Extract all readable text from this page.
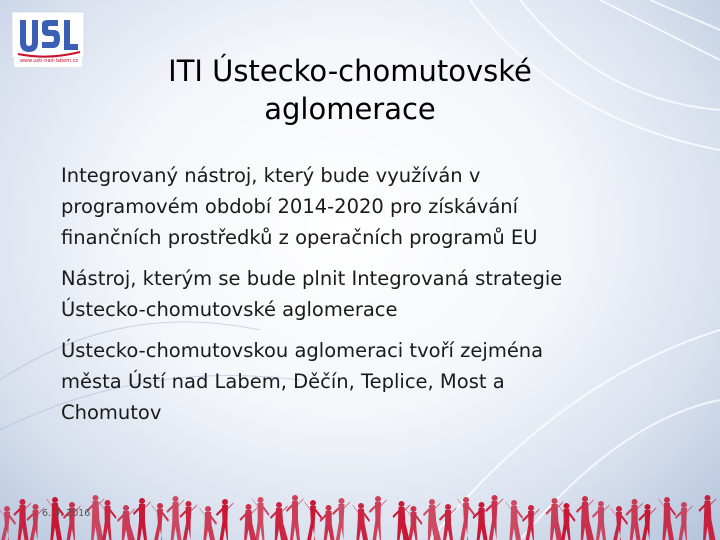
www.usti-nad-labem.cz	ITI Ústecko-chomutovské
aglomerace

Integrovaný nástroj, který bude využíván v
programovém období 2014-2020 pro získávání
finančních prostředků z operačních programů EU

Nástroj, kterým se bude plnit Integrovaná strategie
Ústecko-chomutovské aglomerace

Ústecko-chomutovskou aglomeraci tvoří zejména
města Ústí nad Labem, Děčín, Teplice, Most a
Chomutov

6. 9. 2016
